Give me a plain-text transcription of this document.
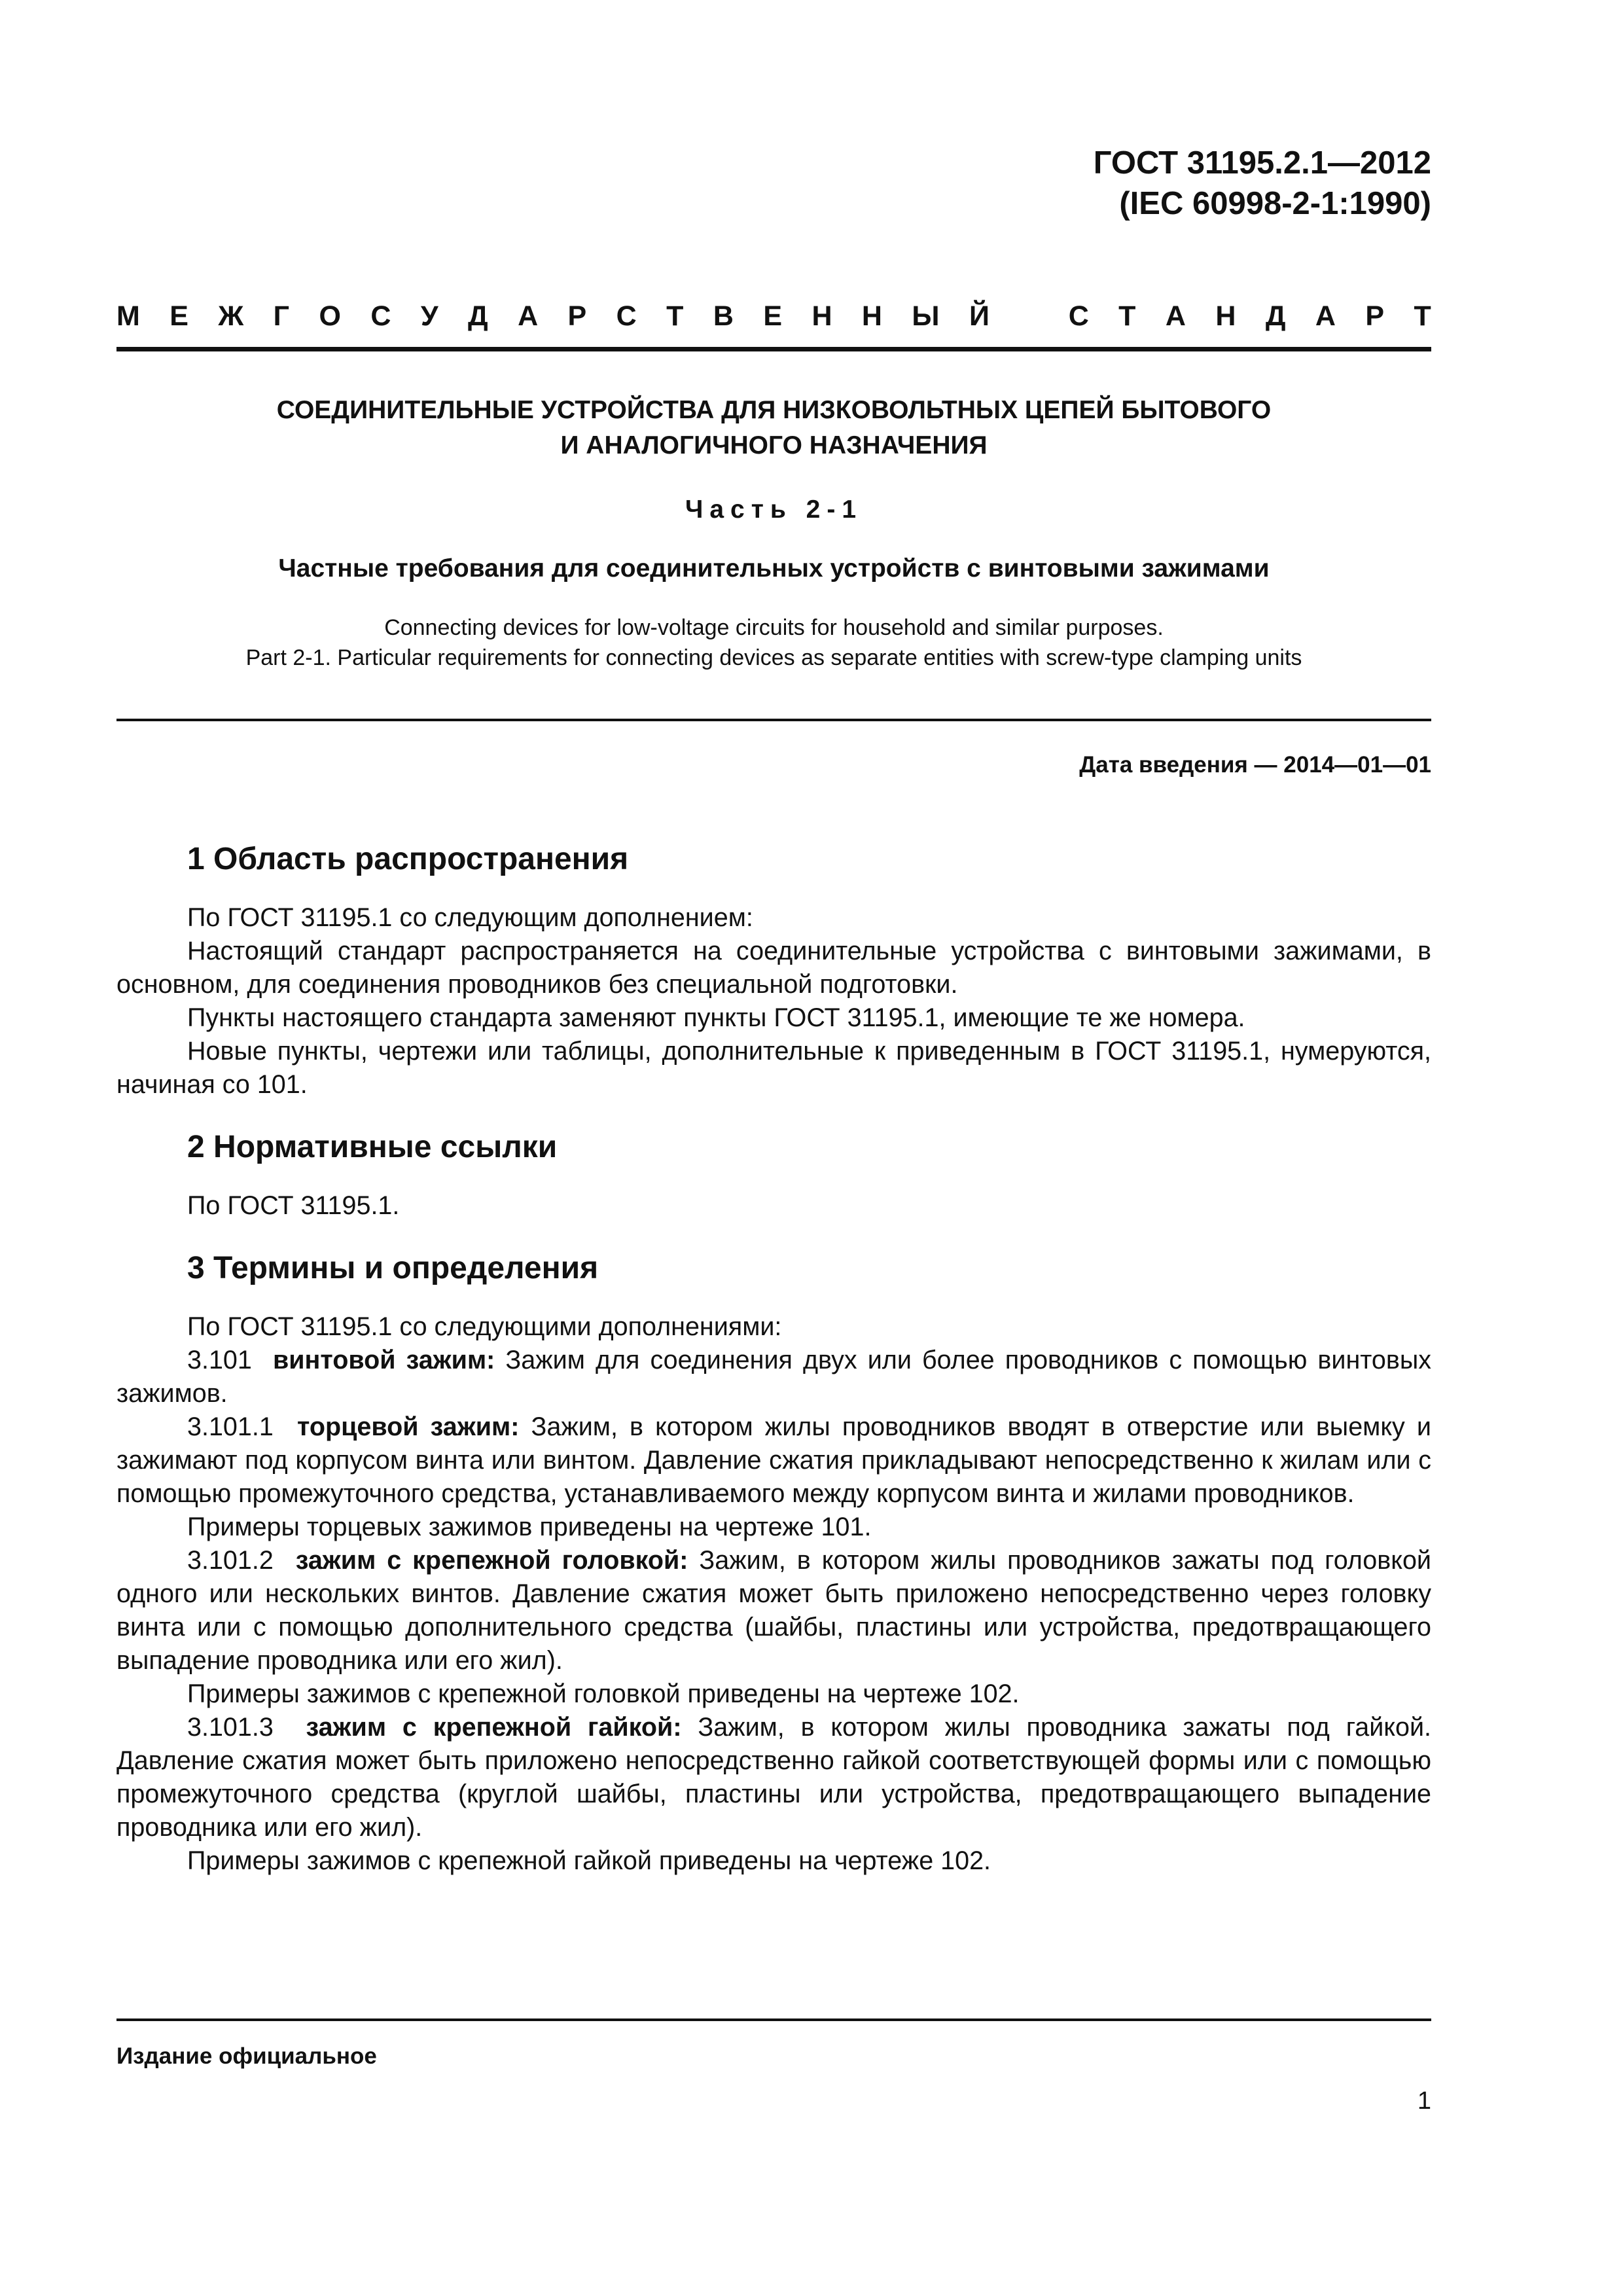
ГОСТ 31195.2.1—2012
(IEC 60998-2-1:1990)
М Е Ж Г О С У Д А Р С Т В Е Н Н Ы Й	С Т А Н Д А Р Т
СОЕДИНИТЕЛЬНЫЕ УСТРОЙСТВА ДЛЯ НИЗКОВОЛЬТНЫХ ЦЕПЕЙ БЫТОВОГО
И АНАЛОГИЧНОГО НАЗНАЧЕНИЯ
Часть 2-1
Частные требования для соединительных устройств с винтовыми зажимами
Connecting devices for low-voltage circuits for household and similar purposes.
Part 2-1. Particular requirements for connecting devices as separate entities with screw-type clamping units
Дата введения — 2014—01—01
1 Область распространения

По ГОСТ 31195.1 со следующим дополнением:

Настоящий стандарт распространяется на соединительные устройства с винтовыми зажимами, в основном, для соединения проводников без специальной подготовки.

Пункты настоящего стандарта заменяют пункты ГОСТ 31195.1, имеющие те же номера.

Новые пункты, чертежи или таблицы, дополнительные к приведенным в ГОСТ 31195.1, нумеруются, начиная со 101.

2 Нормативные ссылки

По ГОСТ 31195.1.

3 Термины и определения

По ГОСТ 31195.1 со следующими дополнениями:

3.101  винтовой зажим: Зажим для соединения двух или более проводников с помощью винтовых зажимов.

3.101.1  торцевой зажим: Зажим, в котором жилы проводников вводят в отверстие или выемку и зажимают под корпусом винта или винтом. Давление сжатия прикладывают непосредственно к жилам или с помощью промежуточного средства, устанавливаемого между корпусом винта и жилами проводников.

Примеры торцевых зажимов приведены на чертеже 101.

3.101.2  зажим с крепежной головкой: Зажим, в котором жилы проводников зажаты под головкой одного или нескольких винтов. Давление сжатия может быть приложено непосредственно через головку винта или с помощью дополнительного средства (шайбы, пластины или устройства, предотвращающего выпадение проводника или его жил).

Примеры зажимов с крепежной головкой приведены на чертеже 102.

3.101.3  зажим с крепежной гайкой: Зажим, в котором жилы проводника зажаты под гайкой. Давление сжатия может быть приложено непосредственно гайкой соответствующей формы или с помощью промежуточного средства (круглой шайбы, пластины или устройства, предотвращающего выпадение проводника или его жил).

Примеры зажимов с крепежной гайкой приведены на чертеже 102.

Издание официальное
1
